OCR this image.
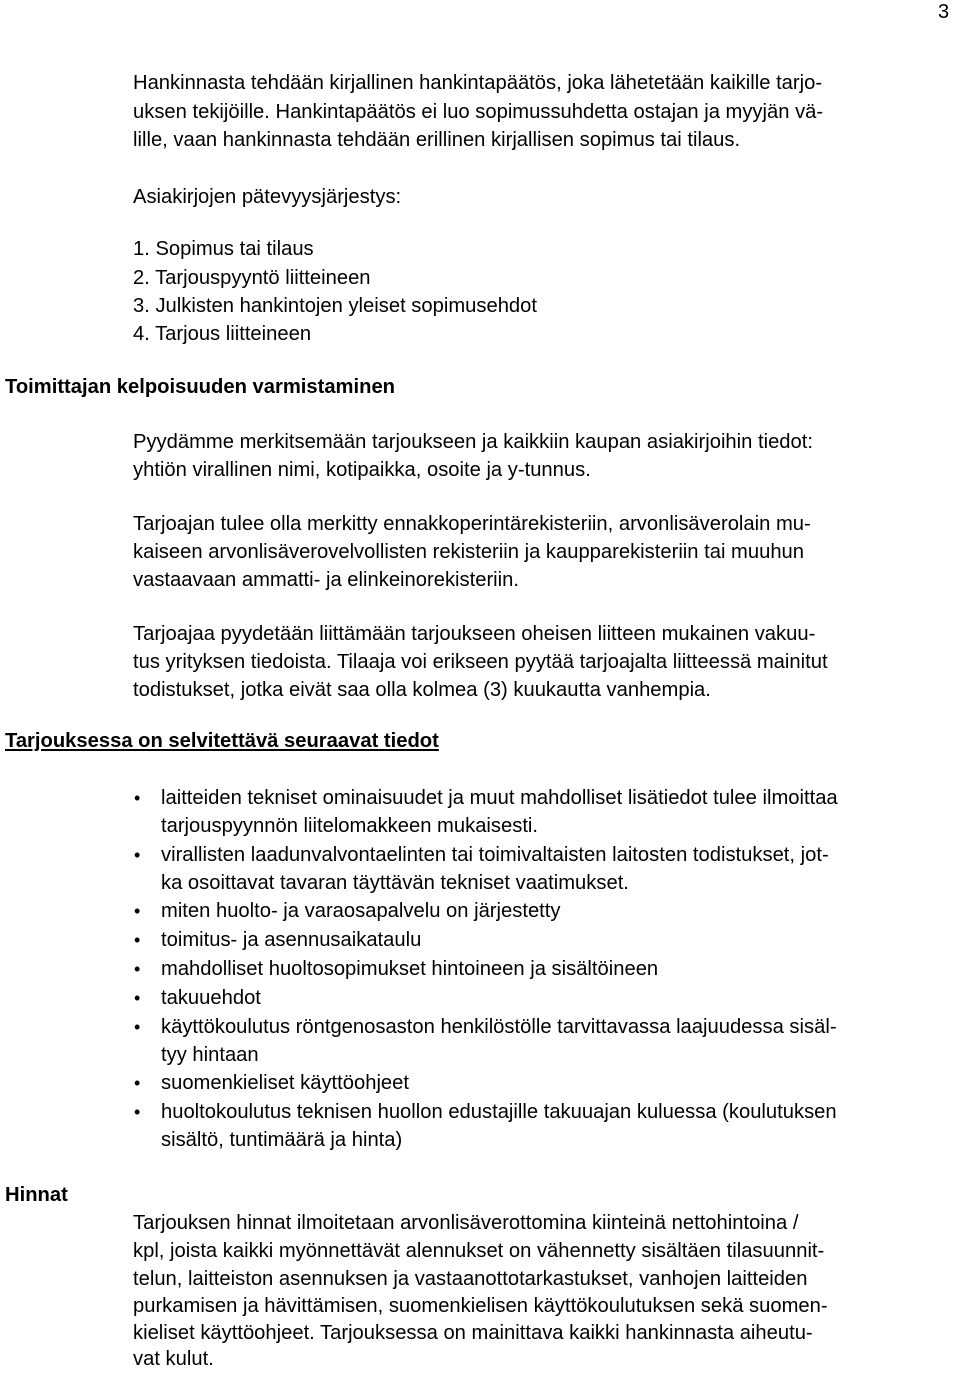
3
Hankinnasta tehdään kirjallinen hankintapäätös, joka lähetetään kaikille tarjo-
uksen tekijöille. Hankintapäätös ei luo sopimussuhdetta ostajan ja myyjän vä-
lille, vaan hankinnasta tehdään erillinen kirjallisen sopimus tai tilaus.
Asiakirjojen pätevyysjärjestys:
1. Sopimus tai tilaus
2. Tarjouspyyntö liitteineen
3. Julkisten hankintojen yleiset sopimusehdot
4. Tarjous liitteineen
Toimittajan kelpoisuuden varmistaminen
Pyydämme merkitsemään tarjoukseen ja kaikkiin kaupan asiakirjoihin tiedot:
yhtiön virallinen nimi, kotipaikka, osoite ja y-tunnus.
Tarjoajan tulee olla merkitty ennakkoperintärekisteriin, arvonlisäverolain mu-
kaiseen arvonlisäverovelvollisten rekisteriin ja kaupparekisteriin tai muuhun
vastaavaan ammatti- ja elinkeinorekisteriin.
Tarjoajaa pyydetään liittämään tarjoukseen oheisen liitteen mukainen vakuu-
tus yrityksen tiedoista. Tilaaja voi erikseen pyytää tarjoajalta liitteessä mainitut
todistukset, jotka eivät saa olla kolmea (3) kuukautta vanhempia.
Tarjouksessa on selvitettävä seuraavat tiedot
• laitteiden tekniset ominaisuudet ja muut mahdolliset lisätiedot tulee ilmoittaa
tarjouspyynnön liitelomakkeen mukaisesti.
• virallisten laadunvalvontaelinten tai toimivaltaisten laitosten todistukset, jot-
ka osoittavat tavaran täyttävän tekniset vaatimukset.
• miten huolto- ja varaosapalvelu on järjestetty
• toimitus- ja asennusaikataulu
• mahdolliset huoltosopimukset hintoineen ja sisältöineen
• takuuehdot
• käyttökoulutus röntgenosaston henkilöstölle tarvittavassa laajuudessa sisäl-
tyy hintaan
• suomenkieliset käyttöohjeet
• huoltokoulutus teknisen huollon edustajille takuuajan kuluessa (koulutuksen
sisältö, tuntimäärä ja hinta)
Hinnat
Tarjouksen hinnat ilmoitetaan arvonlisäverottomina kiinteinä nettohintoina /
kpl, joista kaikki myönnettävät alennukset on vähennetty sisältäen tilasuunnit-
telun, laitteiston asennuksen ja vastaanottotarkastukset, vanhojen laitteiden
purkamisen ja hävittämisen, suomenkielisen käyttökoulutuksen sekä suomen-
kieliset käyttöohjeet. Tarjouksessa on mainittava kaikki hankinnasta aiheutu-
vat kulut.
